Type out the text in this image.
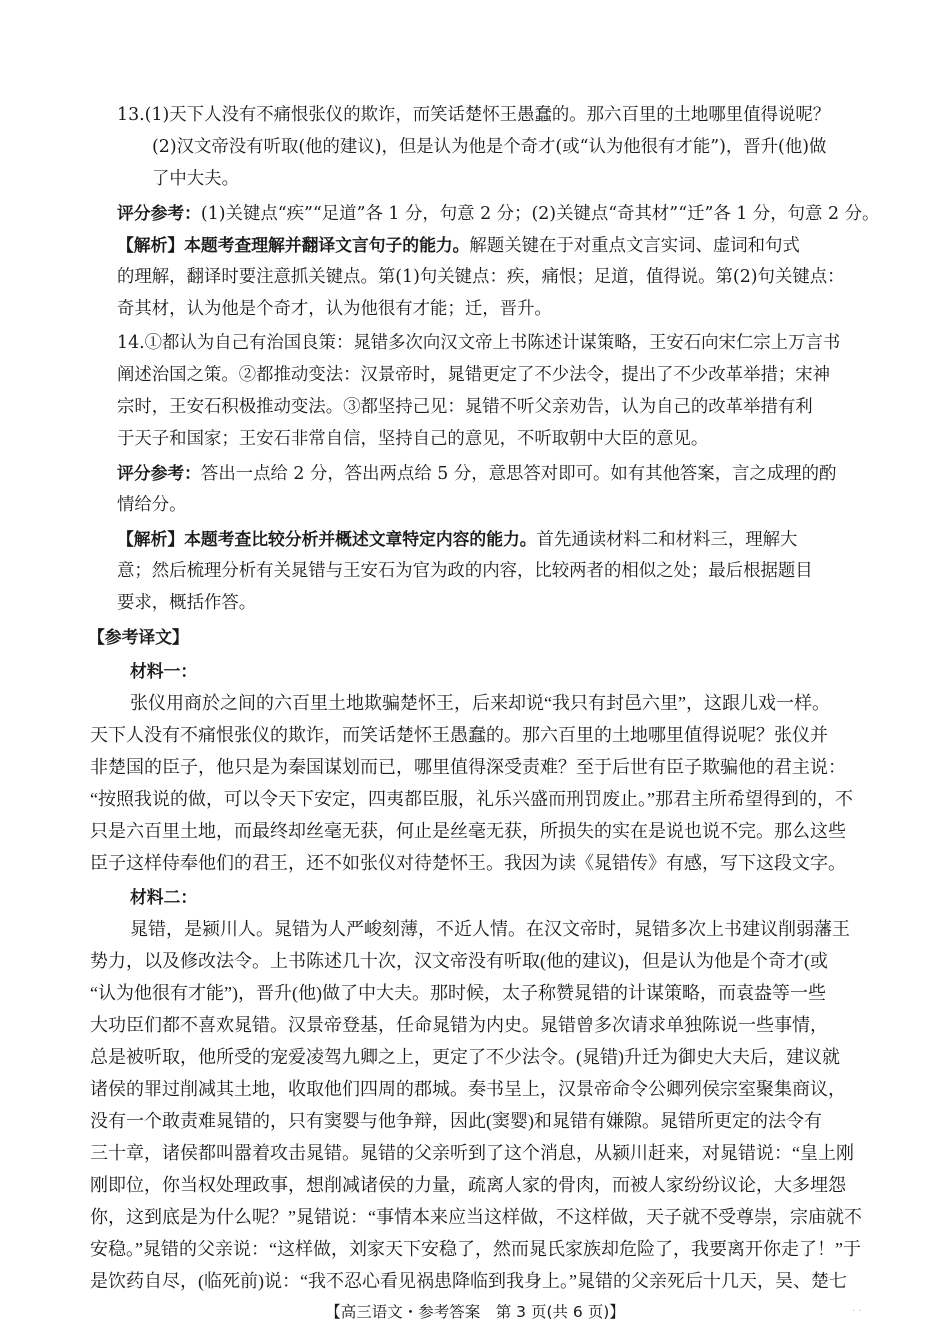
13.(1)天下人没有不痛恨张仪的欺诈，而笑话楚怀王愚蠢的。那六百里的土地哪里值得说呢？
(2)汉文帝没有听取(他的建议)，但是认为他是个奇才(或“认为他很有才能”)，晋升(他)做
了中大夫。
评分参考：(1)关键点“疾”“足道”各 1 分，句意 2 分；(2)关键点“奇其材”“迁”各 1 分，句意 2 分。
【解析】本题考查理解并翻译文言句子的能力。解题关键在于对重点文言实词、虚词和句式
的理解，翻译时要注意抓关键点。第(1)句关键点：疾，痛恨；足道，值得说。第(2)句关键点：
奇其材，认为他是个奇才，认为他很有才能；迁，晋升。
14.①都认为自己有治国良策：晁错多次向汉文帝上书陈述计谋策略，王安石向宋仁宗上万言书
阐述治国之策。②都推动变法：汉景帝时，晁错更定了不少法令，提出了不少改革举措；宋神
宗时，王安石积极推动变法。③都坚持己见：晁错不听父亲劝告，认为自己的改革举措有利
于天子和国家；王安石非常自信，坚持自己的意见，不听取朝中大臣的意见。
评分参考：答出一点给 2 分，答出两点给 5 分，意思答对即可。如有其他答案，言之成理的酌
情给分。
【解析】本题考查比较分析并概述文章特定内容的能力。首先通读材料二和材料三，理解大
意；然后梳理分析有关晁错与王安石为官为政的内容，比较两者的相似之处；最后根据题目
要求，概括作答。
【参考译文】
材料一：
张仪用商於之间的六百里土地欺骗楚怀王，后来却说“我只有封邑六里”，这跟儿戏一样。
天下人没有不痛恨张仪的欺诈，而笑话楚怀王愚蠢的。那六百里的土地哪里值得说呢？张仪并
非楚国的臣子，他只是为秦国谋划而已，哪里值得深受责难？至于后世有臣子欺骗他的君主说：
“按照我说的做，可以令天下安定，四夷都臣服，礼乐兴盛而刑罚废止。”那君主所希望得到的，不
只是六百里土地，而最终却丝毫无获，何止是丝毫无获，所损失的实在是说也说不完。那么这些
臣子这样侍奉他们的君王，还不如张仪对待楚怀王。我因为读《晁错传》有感，写下这段文字。
材料二：
晁错，是颍川人。晁错为人严峻刻薄，不近人情。在汉文帝时，晁错多次上书建议削弱藩王
势力，以及修改法令。上书陈述几十次，汉文帝没有听取(他的建议)，但是认为他是个奇才(或
“认为他很有才能”)，晋升(他)做了中大夫。那时候，太子称赞晁错的计谋策略，而袁盎等一些
大功臣们都不喜欢晁错。汉景帝登基，任命晁错为内史。晁错曾多次请求单独陈说一些事情，
总是被听取，他所受的宠爱凌驾九卿之上，更定了不少法令。(晁错)升迁为御史大夫后，建议就
诸侯的罪过削减其土地，收取他们四周的郡城。奏书呈上，汉景帝命令公卿列侯宗室聚集商议，
没有一个敢责难晁错的，只有窦婴与他争辩，因此(窦婴)和晁错有嫌隙。晁错所更定的法令有
三十章，诸侯都叫嚣着攻击晁错。晁错的父亲听到了这个消息，从颍川赶来，对晁错说：“皇上刚
刚即位，你当权处理政事，想削减诸侯的力量，疏离人家的骨肉，而被人家纷纷议论，大多埋怨
你，这到底是为什么呢？”晁错说：“事情本来应当这样做，不这样做，天子就不受尊崇，宗庙就不
安稳。”晁错的父亲说：“这样做，刘家天下安稳了，然而晁氏家族却危险了，我要离开你走了！”于
是饮药自尽，(临死前)说：“我不忍心看见祸患降临到我身上。”晁错的父亲死后十几天，吴、楚七
【高三语文・参考答案　第 3 页(共 6 页)】	· ·
